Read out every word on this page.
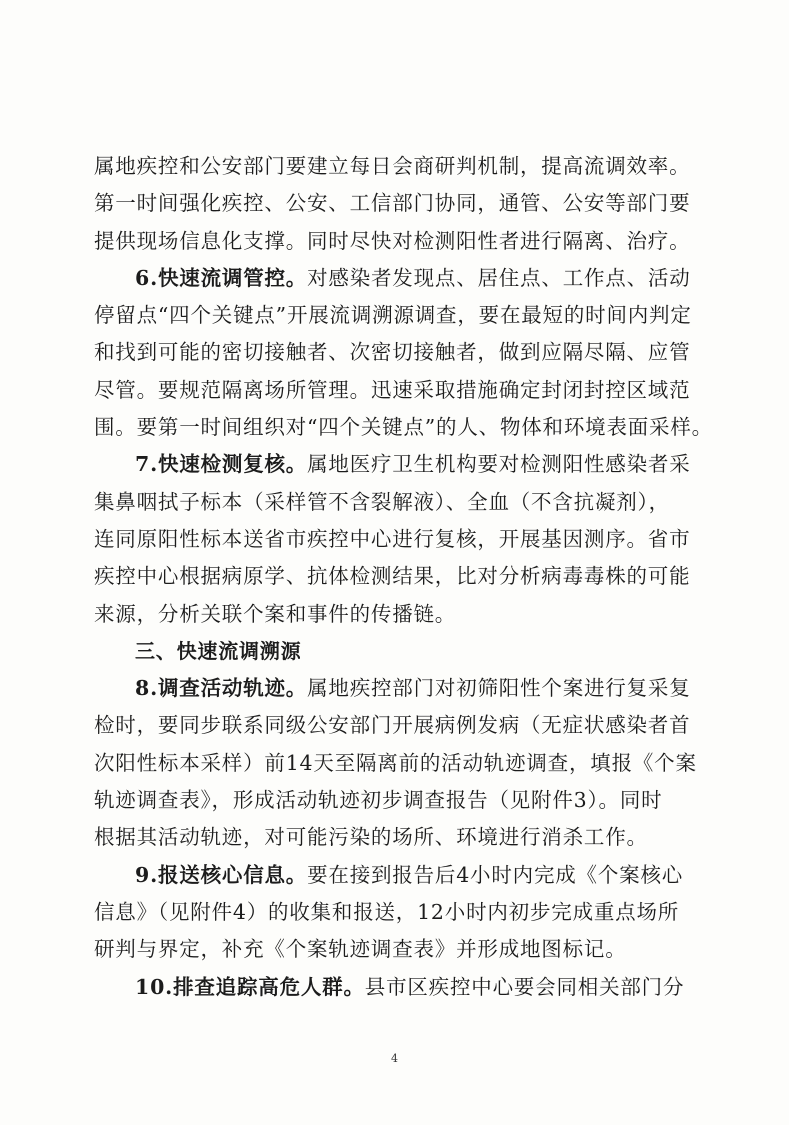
属地疾控和公安部门要建立每日会商研判机制，提高流调效率。
第一时间强化疾控、公安、工信部门协同，通管、公安等部门要
提供现场信息化支撑。同时尽快对检测阳性者进行隔离、治疗。
6.快速流调管控。对感染者发现点、居住点、工作点、活动
停留点“四个关键点”开展流调溯源调查，要在最短的时间内判定
和找到可能的密切接触者、次密切接触者，做到应隔尽隔、应管
尽管。要规范隔离场所管理。迅速采取措施确定封闭封控区域范
围。要第一时间组织对“四个关键点”的人、物体和环境表面采样。
7.快速检测复核。属地医疗卫生机构要对检测阳性感染者采
集鼻咽拭子标本（采样管不含裂解液）、全血（不含抗凝剂），
连同原阳性标本送省市疾控中心进行复核，开展基因测序。省市
疾控中心根据病原学、抗体检测结果，比对分析病毒毒株的可能
来源，分析关联个案和事件的传播链。
三、快速流调溯源
8.调查活动轨迹。属地疾控部门对初筛阳性个案进行复采复
检时，要同步联系同级公安部门开展病例发病（无症状感染者首
次阳性标本采样）前14天至隔离前的活动轨迹调查，填报《个案
轨迹调查表》，形成活动轨迹初步调查报告（见附件3）。同时
根据其活动轨迹，对可能污染的场所、环境进行消杀工作。
9.报送核心信息。要在接到报告后4小时内完成《个案核心
信息》（见附件4）的收集和报送，12小时内初步完成重点场所
研判与界定，补充《个案轨迹调查表》并形成地图标记。
10.排查追踪高危人群。县市区疾控中心要会同相关部门分
4
